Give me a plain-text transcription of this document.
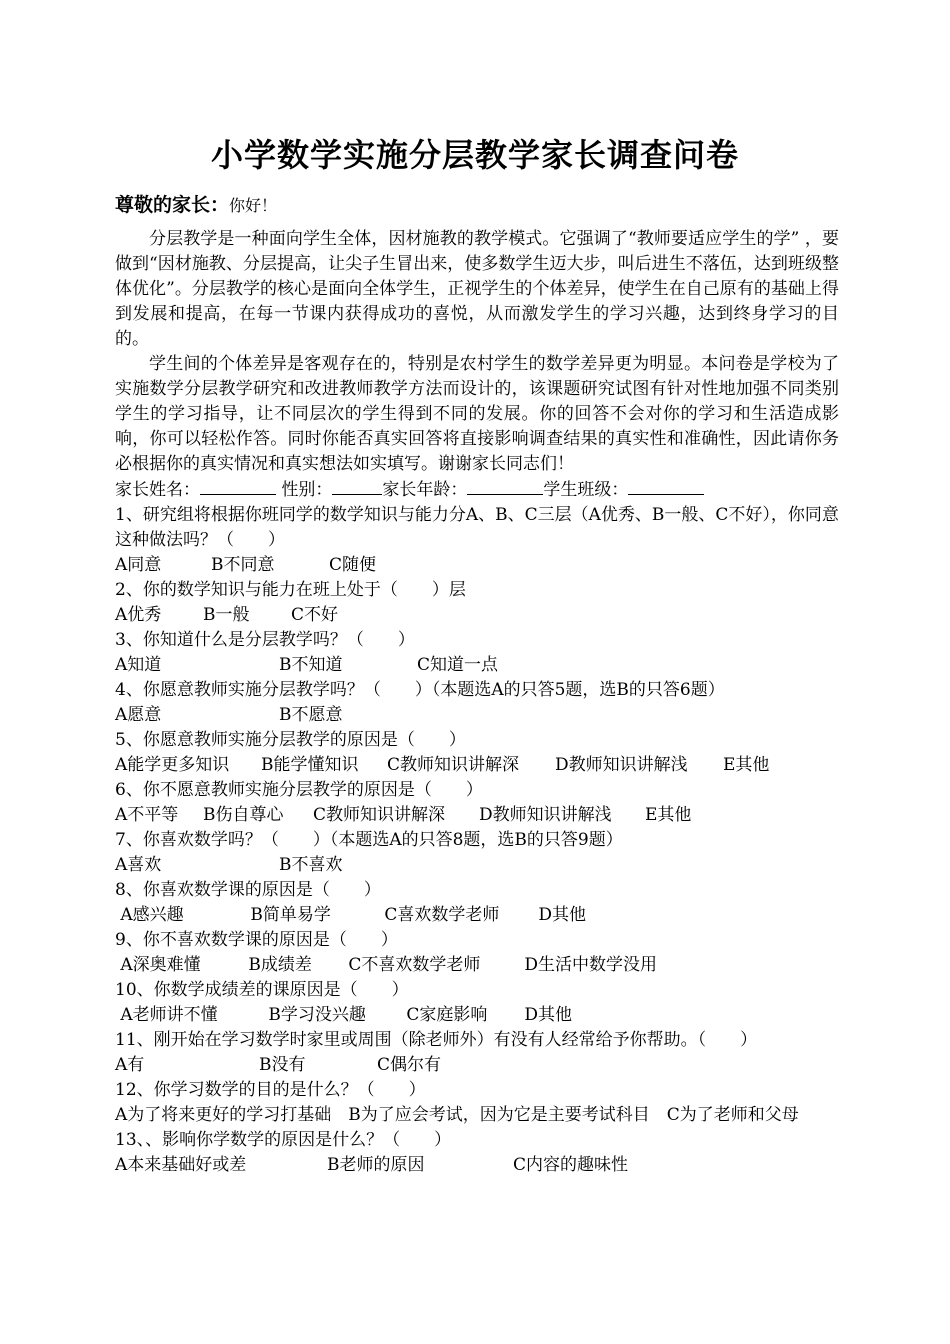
小学数学实施分层教学家长调查问卷
尊敬的家长：你好！

分层教学是一种面向学生全体，因材施教的教学模式。它强调了“教师要适应学生的学” ，要做到“因材施教、分层提高，让尖子生冒出来，使多数学生迈大步，叫后进生不落伍，达到班级整体优化”。分层教学的核心是面向全体学生，正视学生的个体差异，使学生在自己原有的基础上得到发展和提高，在每一节课内获得成功的喜悦，从而激发学生的学习兴趣，达到终身学习的目的。

学生间的个体差异是客观存在的，特别是农村学生的数学差异更为明显。本问卷是学校为了实施数学分层教学研究和改进教师教学方法而设计的，该课题研究试图有针对性地加强不同类别学生的学习指导，让不同层次的学生得到不同的发展。你的回答不会对你的学习和生活造成影响，你可以轻松作答。同时你能否真实回答将直接影响调查结果的真实性和准确性，因此请你务必根据你的真实情况和真实想法如实填写。谢谢家长同志们！

家长姓名：	性别：	家长年龄：	学生班级：

1、研究组将根据你班同学的数学知识与能力分A、B、C三层（A优秀、B一般、C不好），你同意这种做法吗？（　　）

A同意	B不同意	C随便

2、你的数学知识与能力在班上处于（　　）层

A优秀 B一般 C不好

3、你知道什么是分层教学吗？（　　）

A知道	B不知道	C知道一点

4、你愿意教师实施分层教学吗？（　　）（本题选A的只答5题，选B的只答6题）

A愿意	B不愿意

5、你愿意教师实施分层教学的原因是（　　）

A能学更多知识 B能学懂知识 C教师知识讲解深 D教师知识讲解浅 E其他

6、你不愿意教师实施分层教学的原因是（　　）

A不平等 B伤自尊心 C教师知识讲解深 D教师知识讲解浅 E其他

7、你喜欢数学吗？（　　）（本题选A的只答8题，选B的只答9题）

A喜欢	B不喜欢

8、你喜欢数学课的原因是（　　）

A感兴趣	B简单易学	C喜欢数学老师 D其他

9、你不喜欢数学课的原因是（　　）

A深奥难懂	B成绩差 C不喜欢数学老师	D生活中数学没用

10、你数学成绩差的课原因是（　　）

A老师讲不懂	B学习没兴趣 C家庭影响 D其他

11、刚开始在学习数学时家里或周围（除老师外）有没有人经常给予你帮助。（　　）

A有	B没有	C偶尔有

12、你学习数学的目的是什么？（　　）

A为了将来更好的学习打基础　B为了应会考试，因为它是主要考试科目　C为了老师和父母

13、、影响你学数学的原因是什么？（　　）

A本来基础好或差	B老师的原因	C内容的趣味性
